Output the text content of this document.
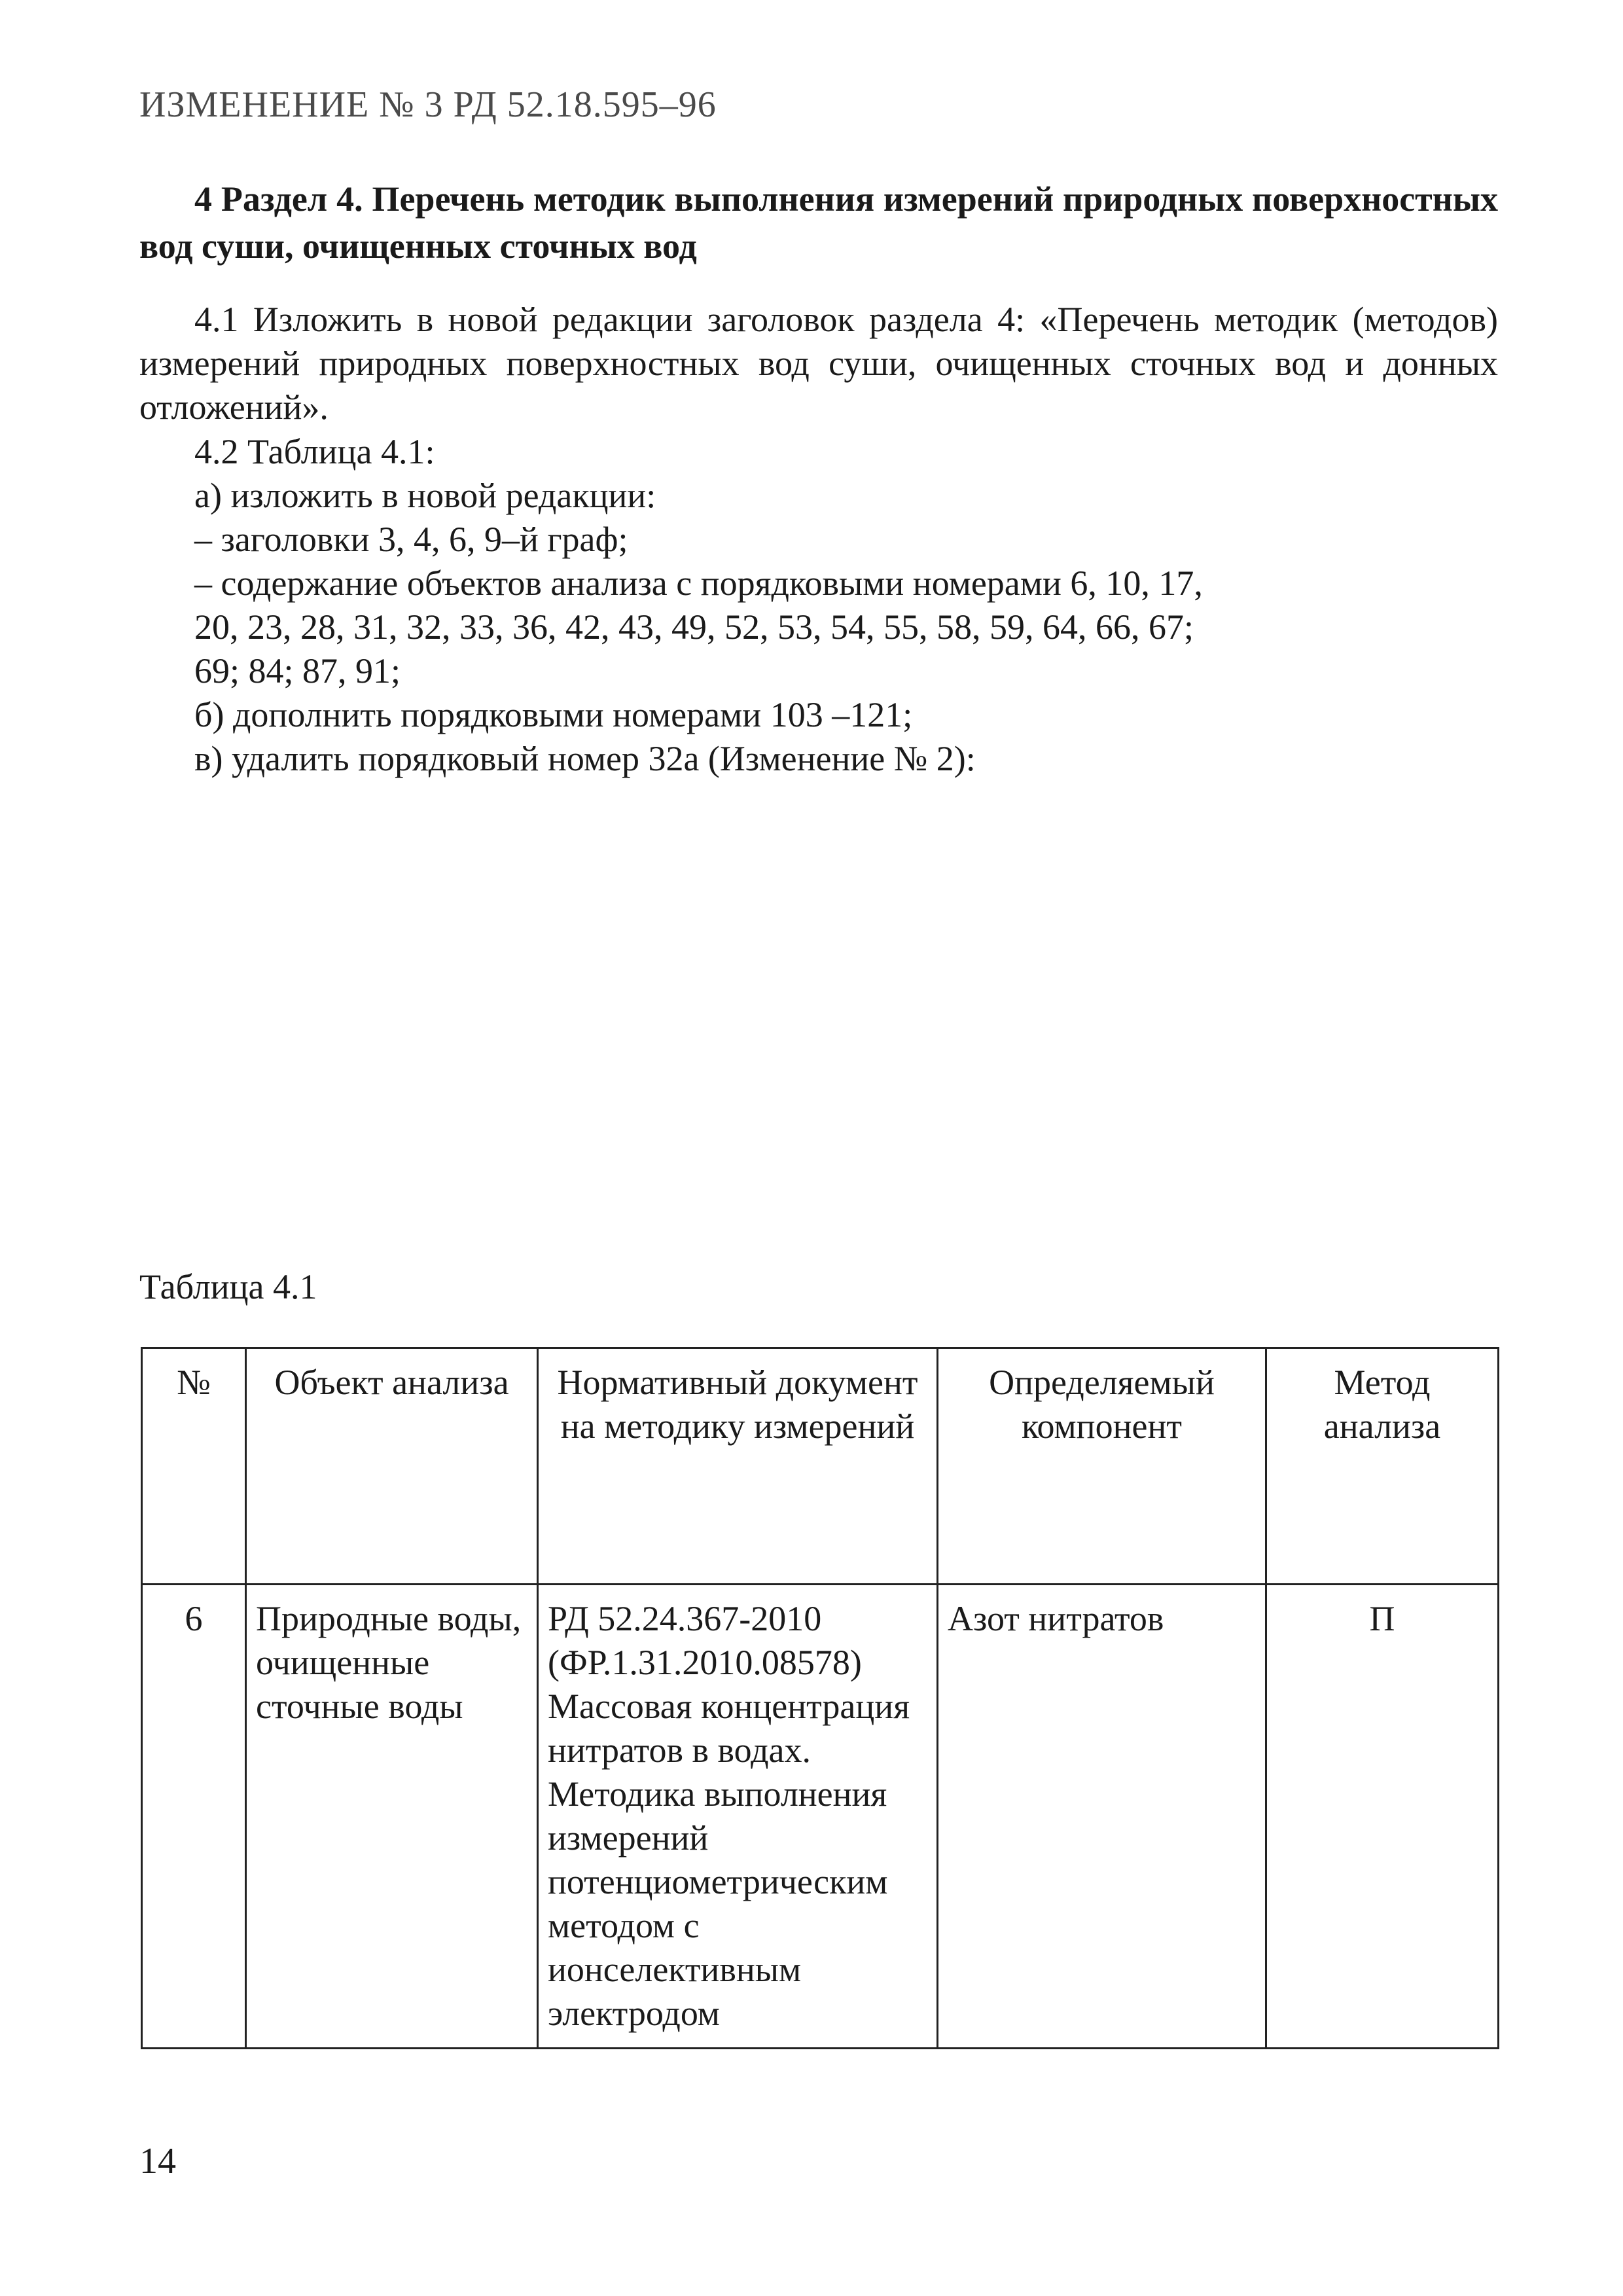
ИЗМЕНЕНИЕ № 3 РД 52.18.595–96
4 Раздел 4. Перечень методик выполнения измерений природных поверхностных вод суши, очищенных сточных вод
4.1 Изложить в новой редакции заголовок раздела 4: «Перечень методик (методов) измерений природных поверхностных вод суши, очищенных сточных вод и донных отложений».
4.2 Таблица 4.1:
а) изложить в новой редакции:
– заголовки 3, 4, 6, 9–й граф;
– содержание объектов анализа с порядковыми номерами 6, 10, 17,
20, 23, 28, 31, 32, 33, 36, 42, 43, 49, 52, 53, 54, 55, 58, 59, 64, 66, 67;
69; 84; 87, 91;
б) дополнить порядковыми номерами 103 –121;
в) удалить порядковый номер 32а (Изменение № 2):
Таблица 4.1
№	Объект анализа	Нормативный документ на методику измерений	Определяемый компонент	Метод анализа
6	Природные воды, очищенные сточные воды	РД 52.24.367-2010 (ФР.1.31.2010.08578) Массовая концентрация нитратов в водах. Методика выполнения измерений потенциометрическим методом с ионселективным электродом	Азот нитратов	П
14
